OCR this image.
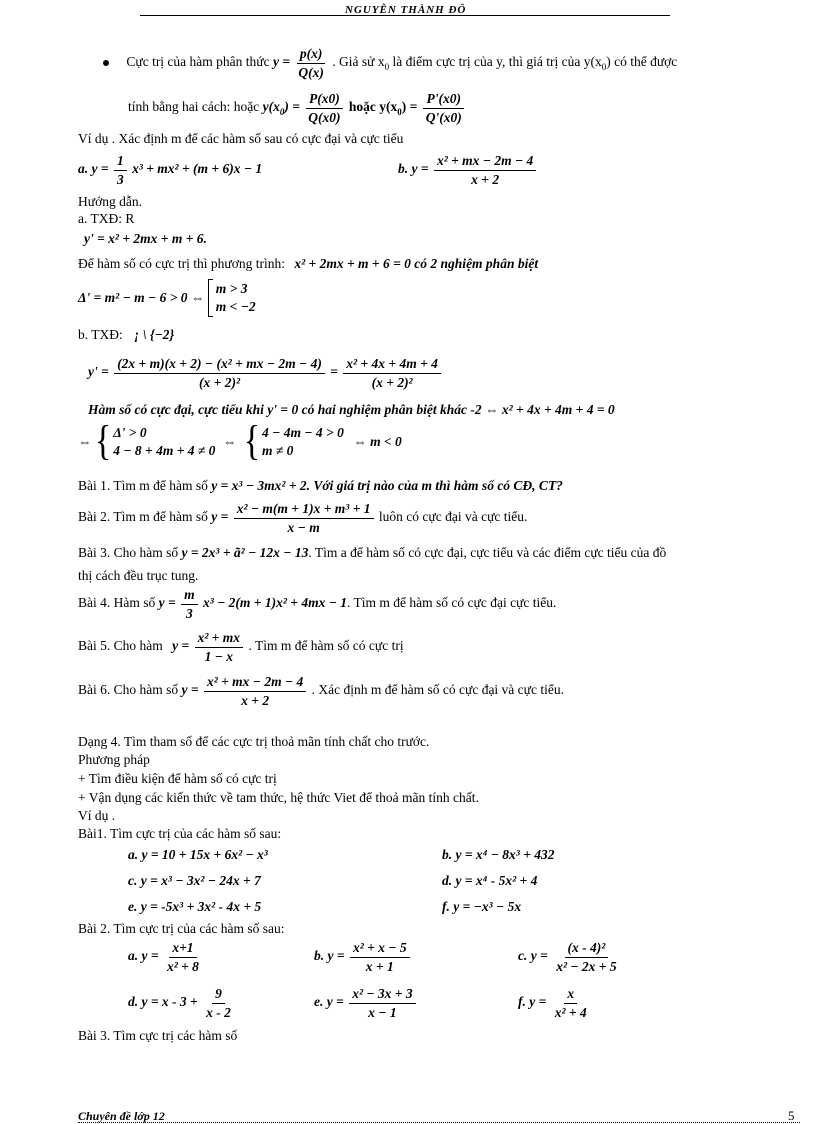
NGUYỄN THÀNH ĐÔ
Cực trị của hàm phân thức $y = \frac{p(x)}{Q(x)}$ . Giả sử $x_0$ là điểm cực trị của y, thì giá trị của $y(x_0)$ có thể được
tính bằng hai cách: hoặc $y(x_0) = \frac{P(x0)}{Q(x0)}$ hoặc $y(x_0) = \frac{P'(x0)}{Q'(x0)}$
Ví dụ . Xác định m để các hàm số sau có cực đại và cực tiểu
a. $y = \frac{1}{3} x^3 + mx^2 + (m + 6)x - 1$	b. $y = \frac{\text{x² + mx − 2m − 4}}{x + 2}$
Hướng dẫn.
a. TXĐ: R
y' = x² + 2mx + m + 6.
Để hàm số có cực trị thì phương trình: x² + 2mx + m + 6 = 0 có 2 nghiệm phân biệt
Δ' = m² − m − 6 > 0 ⇔
m > 3
m < −2
b. TXĐ: ¡ \ {−2}
$y' = \frac{\text{(2x + m)(x + 2) − (x² + mx − 2m − 4)}}{\text{(x + 2)²}} = \frac{\text{x² + 4x + 4m + 4}}{\text{(x + 2)²}}$
Hàm số có cực đại, cực tiểu khi y' = 0 có hai nghiệm phân biệt khác -2 ⇔ x² + 4x + 4m + 4 = 0
⇔ { Δ' > 0
4 − 8 + 4m + 4 ≠ 0
⇔ { 4 − 4m − 4 > 0
m ≠ 0
⇔ m < 0
Bài 1. Tìm m để hàm số y = x³ − 3mx² + 2. Với giá trị nào của m thì hàm số có CĐ, CT?
Bài 2. Tìm m để hàm số $y = \frac{\text{x² − m(m + 1)x + m³ + 1}}{x - m}$ luôn có cực đại và cực tiểu.
Bài 3. Cho hàm số y = 2x³ + ã² − 12x − 13. Tìm a để hàm số có cực đại, cực tiểu và các điểm cực tiểu của đồ
thị cách đều trục tung.
Bài 4. Hàm số $y = \frac{m}{3} x^3 - 2(m + 1)x^2 + 4mx - 1$. Tìm m để hàm số có cực đại cực tiểu.
Bài 5. Cho hàm $y = \frac{\text{x² + mx}}{1 - x}$ . Tìm m để hàm số có cực trị
Bài 6. Cho hàm số $y = \frac{\text{x² + mx − 2m − 4}}{x + 2}$ . Xác định m để hàm số có cực đại và cực tiểu.
Dạng 4. Tìm tham số để các cực trị thoả mãn tính chất cho trước.
Phương pháp
+ Tìm điều kiện để hàm số có cực trị
+ Vận dụng các kiến thức về tam thức, hệ thức Viet để thoả mãn tính chất.
Ví dụ .
Bài1. Tìm cực trị của các hàm số sau:
a. y = 10 + 15x + 6x² − x³	b. y = x⁴ − 8x³ + 432
c. y = x³ − 3x² − 24x + 7	d. y = x⁴ - 5x² + 4
e. y = -5x³ + 3x² - 4x + 5	f. y = −x³ − 5x
Bài 2. Tìm cực trị của các hàm số sau:
a. $y = \frac{x+1}{\text{x² + 8}}$	b. $y = \frac{\text{x² + x − 5}}{x + 1}$	c. $y = \frac{\text{(x - 4)²}}{\text{x² − 2x + 5}}$
d. $y = x - 3 + \frac{9}{x - 2}$	e. $y = \frac{\text{x² − 3x + 3}}{x - 1}$	f. $y = \frac{x}{\text{x² + 4}}$
Bài 3. Tìm cực trị các hàm số
Chuyên đề lớp 12	5
